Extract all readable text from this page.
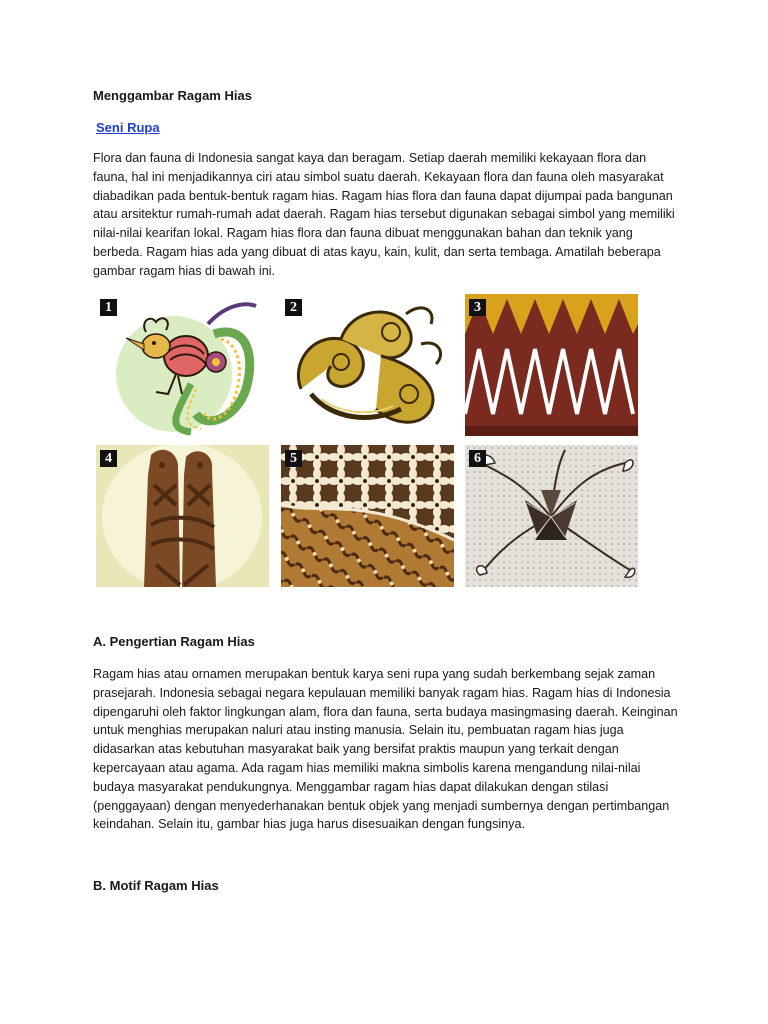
Menggambar Ragam Hias
Seni Rupa

Flora dan fauna di Indonesia sangat kaya dan beragam. Setiap daerah memiliki kekayaan flora dan fauna, hal ini menjadikannya ciri atau simbol suatu daerah. Kekayaan flora dan fauna oleh masyarakat diabadikan pada bentuk-bentuk ragam hias. Ragam hias flora dan fauna dapat dijumpai pada bangunan atau arsitektur rumah-rumah adat daerah. Ragam hias tersebut digunakan sebagai simbol yang memiliki nilai-nilai kearifan lokal. Ragam hias flora dan fauna dibuat menggunakan bahan dan teknik yang berbeda. Ragam hias ada yang dibuat di atas kayu, kain, kulit, dan serta tembaga. Amatilah beberapa gambar ragam hias di bawah ini.

A. Pengertian Ragam Hias

Ragam hias atau ornamen merupakan bentuk karya seni rupa yang sudah berkembang sejak zaman prasejarah. Indonesia sebagai negara kepulauan memiliki banyak ragam hias. Ragam hias di Indonesia dipengaruhi oleh faktor lingkungan alam, flora dan fauna, serta budaya masingmasing daerah. Keinginan untuk menghias merupakan naluri atau insting manusia. Selain itu, pembuatan ragam hias juga didasarkan atas kebutuhan masyarakat baik yang bersifat praktis maupun yang terkait dengan kepercayaan atau agama. Ada ragam hias memiliki makna simbolis karena mengandung nilai-nilai budaya masyarakat pendukungnya. Menggambar ragam hias dapat dilakukan dengan stilasi (penggayaan) dengan menyederhanakan bentuk objek yang menjadi sumbernya dengan pertimbangan keindahan. Selain itu, gambar hias juga harus disesuaikan dengan fungsinya.

B. Motif Ragam Hias
1	2	3
4	5	6
